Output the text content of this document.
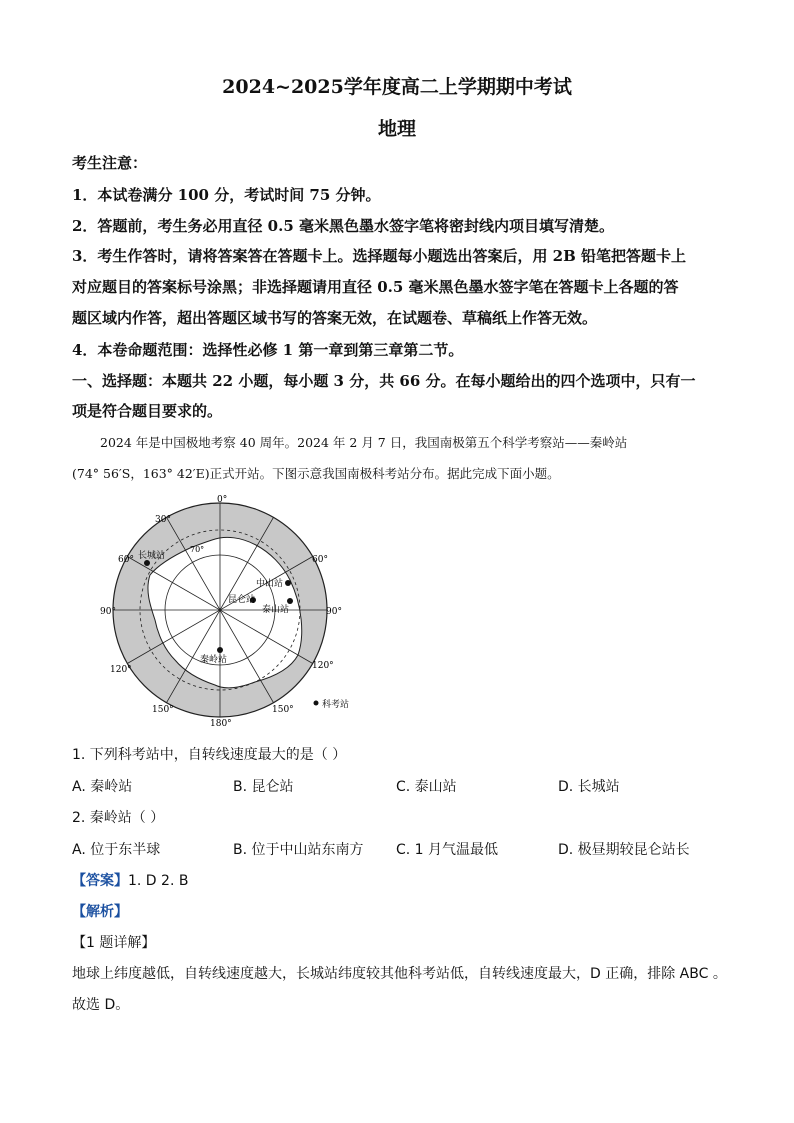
2024~2025学年度高二上学期期中考试
地理
考生注意：
1．本试卷满分 100 分，考试时间 75 分钟。
2．答题前，考生务必用直径 0.5 毫米黑色墨水签字笔将密封线内项目填写清楚。
3．考生作答时，请将答案答在答题卡上。选择题每小题选出答案后，用 2B 铅笔把答题卡上
对应题目的答案标号涂黑；非选择题请用直径 0.5 毫米黑色墨水签字笔在答题卡上各题的答
题区域内作答，超出答题区域书写的答案无效，在试题卷、草稿纸上作答无效。
4．本卷命题范围：选择性必修 1 第一章到第三章第二节。
一、选择题：本题共 22 小题，每小题 3 分，共 66 分。在每小题给出的四个选项中，只有一
项是符合题目要求的。
2024 年是中国极地考察 40 周年。2024 年 2 月 7 日，我国南极第五个科学考察站——秦岭站
(74° 56′S，163° 42′E)正式开站。下图示意我国南极科考站分布。据此完成下面小题。
0°
30°
60°
90°
120°
150°
180°
150°
120°
90°
60°
70°
长城站
中山站
昆仑站
泰山站
秦岭站
科考站
1. 下列科考站中，自转线速度最大的是（ ）
A. 秦岭站	B. 昆仑站	C. 泰山站	D. 长城站
2. 秦岭站（ ）
A. 位于东半球	B. 位于中山站东南方 C. 1 月气温最低	D. 极昼期较昆仑站长
【答案】1. D 2. B
【解析】
【1 题详解】
地球上纬度越低，自转线速度越大，长城站纬度较其他科考站低，自转线速度最大，D 正确，排除 ABC 。
故选 D。
